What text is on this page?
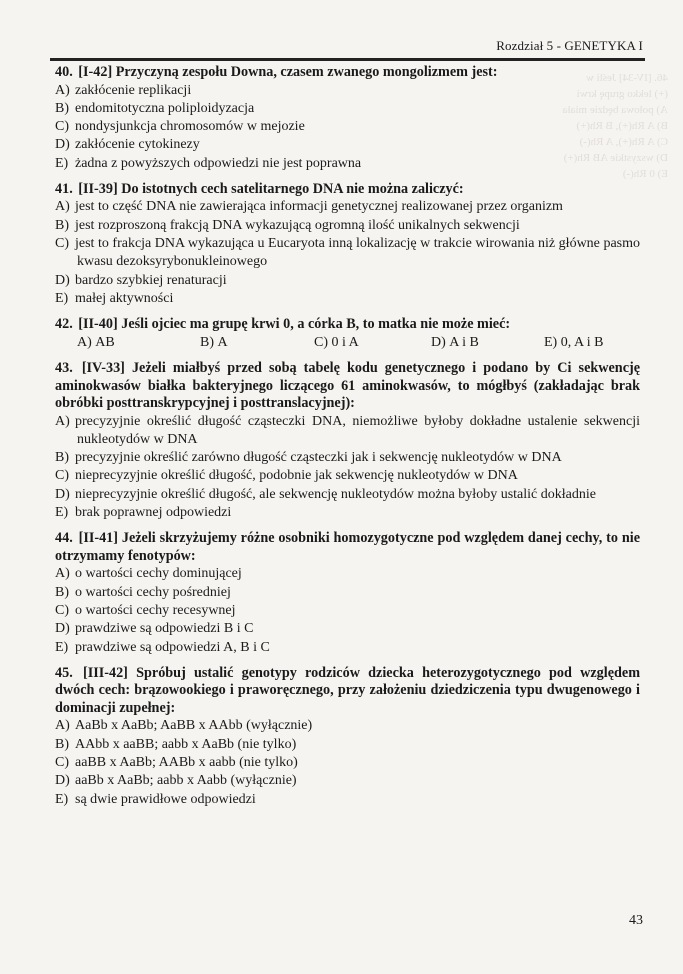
46. [IV-34] Jeśli w
(+) lekko grupę krwi
A) połowa będzie miała
B) A Rh(+), B Rh(+)
C) A Rh(+), A Rh(-)
D) wszystkie AB Rh(+)
E) 0 Rh(-)
Rozdział 5 - GENETYKA I
40. [I-42] Przyczyną zespołu Downa, czasem zwanego mongolizmem jest:
A) zakłócenie replikacji
B) endomitotyczna poliploidyzacja
C) nondysjunkcja chromosomów w mejozie
D) zakłócenie cytokinezy
E) żadna z powyższych odpowiedzi nie jest poprawna
41. [II-39] Do istotnych cech satelitarnego DNA nie można zaliczyć:
A) jest to część DNA nie zawierająca informacji genetycznej realizowanej przez organizm
B) jest rozproszoną frakcją DNA wykazującą ogromną ilość unikalnych sekwencji
C) jest to frakcja DNA wykazująca u Eucaryota inną lokalizację w trakcie wirowania niż główne pasmo kwasu dezoksyrybonukleinowego
D) bardzo szybkiej renaturacji
E) małej aktywności
42. [II-40] Jeśli ojciec ma grupę krwi 0, a córka B, to matka nie może mieć:
A) AB	B) A	C) 0 i A	D) A i B	E) 0, A i B
43. [IV-33] Jeżeli miałbyś przed sobą tabelę kodu genetycznego i podano by Ci sekwencję aminokwasów białka bakteryjnego liczącego 61 aminokwasów, to mógłbyś (zakładając brak obróbki posttranskrypcyjnej i posttranslacyjnej):
A) precyzyjnie określić długość cząsteczki DNA, niemożliwe byłoby dokładne ustalenie sekwencji nukleotydów w DNA
B) precyzyjnie określić zarówno długość cząsteczki jak i sekwencję nukleotydów w DNA
C) nieprecyzyjnie określić długość, podobnie jak sekwencję nukleotydów w DNA
D) nieprecyzyjnie określić długość, ale sekwencję nukleotydów można byłoby ustalić dokładnie
E) brak poprawnej odpowiedzi
44. [II-41] Jeżeli skrzyżujemy różne osobniki homozygotyczne pod względem danej cechy, to nie otrzymamy fenotypów:
A) o wartości cechy dominującej
B) o wartości cechy pośredniej
C) o wartości cechy recesywnej
D) prawdziwe są odpowiedzi B i C
E) prawdziwe są odpowiedzi A, B i C
45. [III-42] Spróbuj ustalić genotypy rodziców dziecka heterozygotycznego pod względem dwóch cech: brązowookiego i praworęcznego, przy założeniu dziedziczenia typu dwugenowego i dominacji zupełnej:
A) AaBb x AaBb; AaBB x AAbb (wyłącznie)
B) AAbb x aaBB; aabb x AaBb (nie tylko)
C) aaBB x AaBb; AABb x aabb (nie tylko)
D) aaBb x AaBb; aabb x Aabb (wyłącznie)
E) są dwie prawidłowe odpowiedzi
43
